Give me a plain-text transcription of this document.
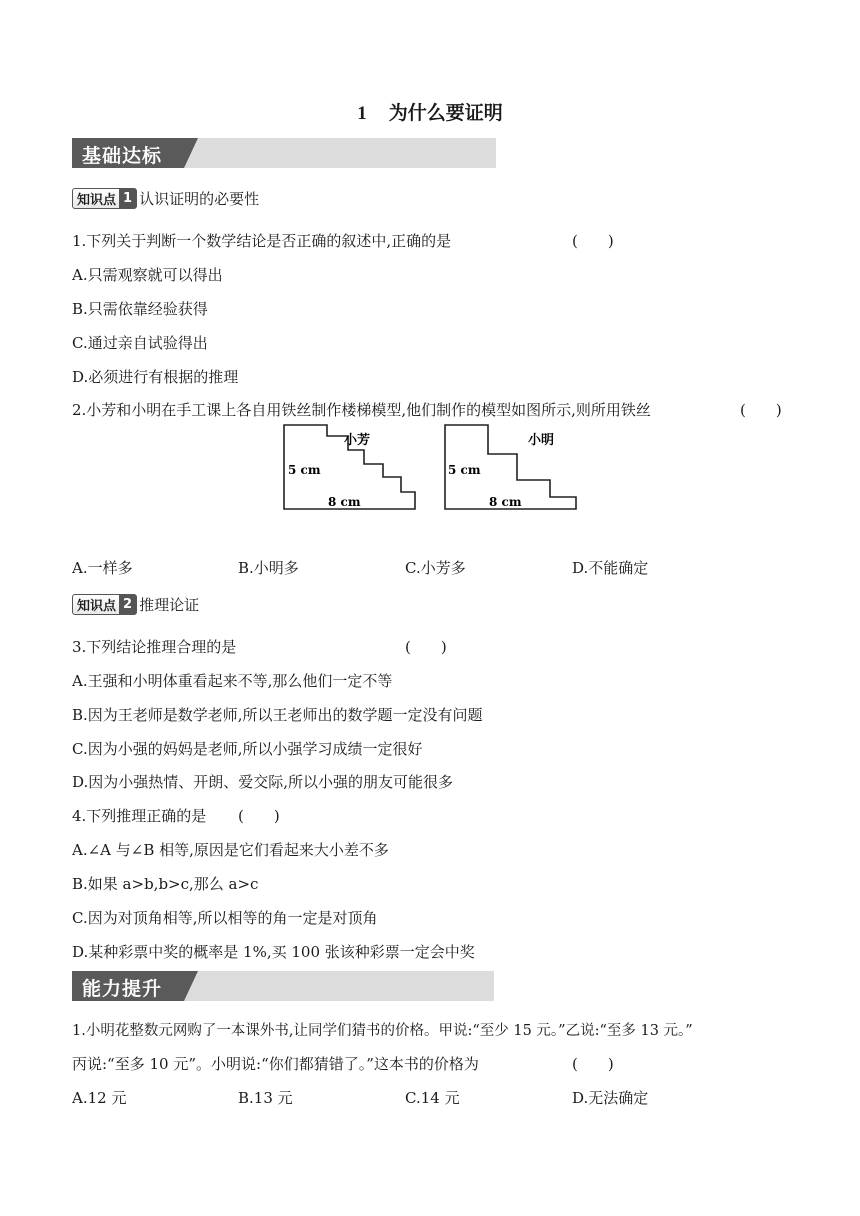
1 为什么要证明
基础达标
知识点 1 认识证明的必要性
1.下列关于判断一个数学结论是否正确的叙述中,正确的是	(　　)
A.只需观察就可以得出
B.只需依靠经验获得
C.通过亲自试验得出
D.必须进行有根据的推理
2.小芳和小明在手工课上各自用铁丝制作楼梯模型,他们制作的模型如图所示,则所用铁丝	(　　)
小芳
5 cm
8 cm
小明
5 cm
8 cm
A.一样多	B.小明多	C.小芳多	D.不能确定
知识点 2 推理论证
3.下列结论推理合理的是	(　　)
A.王强和小明体重看起来不等,那么他们一定不等
B.因为王老师是数学老师,所以王老师出的数学题一定没有问题
C.因为小强的妈妈是老师,所以小强学习成绩一定很好
D.因为小强热情、开朗、爱交际,所以小强的朋友可能很多
4.下列推理正确的是 (　　)
A.∠A 与∠B 相等,原因是它们看起来大小差不多
B.如果 a>b,b>c,那么 a>c
C.因为对顶角相等,所以相等的角一定是对顶角
D.某种彩票中奖的概率是 1%,买 100 张该种彩票一定会中奖
能力提升
1.小明花整数元网购了一本课外书,让同学们猜书的价格。甲说:“至少 15 元。”乙说:“至多 13 元。”
丙说:“至多 10 元”。小明说:“你们都猜错了。”这本书的价格为	(　　)
A.12 元	B.13 元	C.14 元	D.无法确定
